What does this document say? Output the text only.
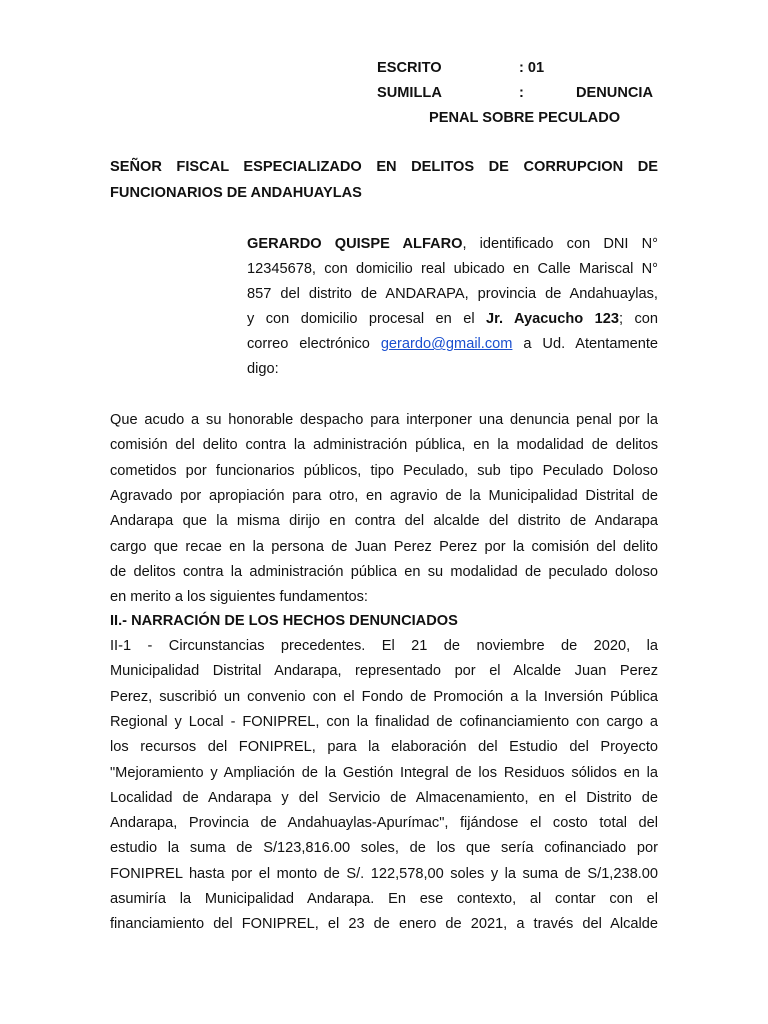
ESCRITO	: 01
SUMILLA	:	DENUNCIA
PENAL SOBRE PECULADO

SEÑOR FISCAL ESPECIALIZADO EN DELITOS DE CORRUPCION DE

FUNCIONARIOS DE ANDAHUAYLAS

GERARDO QUISPE ALFARO, identificado con DNI N°

12345678, con domicilio real ubicado en Calle Mariscal N°

857 del distrito de ANDARAPA, provincia de Andahuaylas,

y con domicilio procesal en el Jr. Ayacucho 123; con

correo electrónico gerardo@gmail.com a Ud. Atentamente

digo:

Que acudo a su honorable despacho para interponer una denuncia penal por la

comisión del delito contra la administración pública, en la modalidad de delitos

cometidos por funcionarios públicos, tipo Peculado, sub tipo Peculado Doloso

Agravado por apropiación para otro, en agravio de la Municipalidad Distrital de

Andarapa que la misma dirijo en contra del alcalde del distrito de Andarapa

cargo que recae en la persona de Juan Perez Perez por la comisión del delito

de delitos contra la administración pública en su modalidad de peculado doloso

en merito a los siguientes fundamentos:

II.- NARRACIÓN DE LOS HECHOS DENUNCIADOS

II-1 - Circunstancias precedentes. El 21 de noviembre de 2020, la

Municipalidad Distrital Andarapa, representado por el Alcalde Juan Perez

Perez, suscribió un convenio con el Fondo de Promoción a la Inversión Pública

Regional y Local - FONIPREL, con la finalidad de cofinanciamiento con cargo a

los recursos del FONIPREL, para la elaboración del Estudio del Proyecto

"Mejoramiento y Ampliación de la Gestión Integral de los Residuos sólidos en la

Localidad de Andarapa y del Servicio de Almacenamiento, en el Distrito de

Andarapa, Provincia de Andahuaylas-Apurímac", fijándose el costo total del

estudio la suma de S/123,816.00 soles, de los que sería cofinanciado por

FONIPREL hasta por el monto de S/. 122,578,00 soles y la suma de S/1,238.00

asumiría la Municipalidad Andarapa. En ese contexto, al contar con el

financiamiento del FONIPREL, el 23 de enero de 2021, a través del Alcalde
